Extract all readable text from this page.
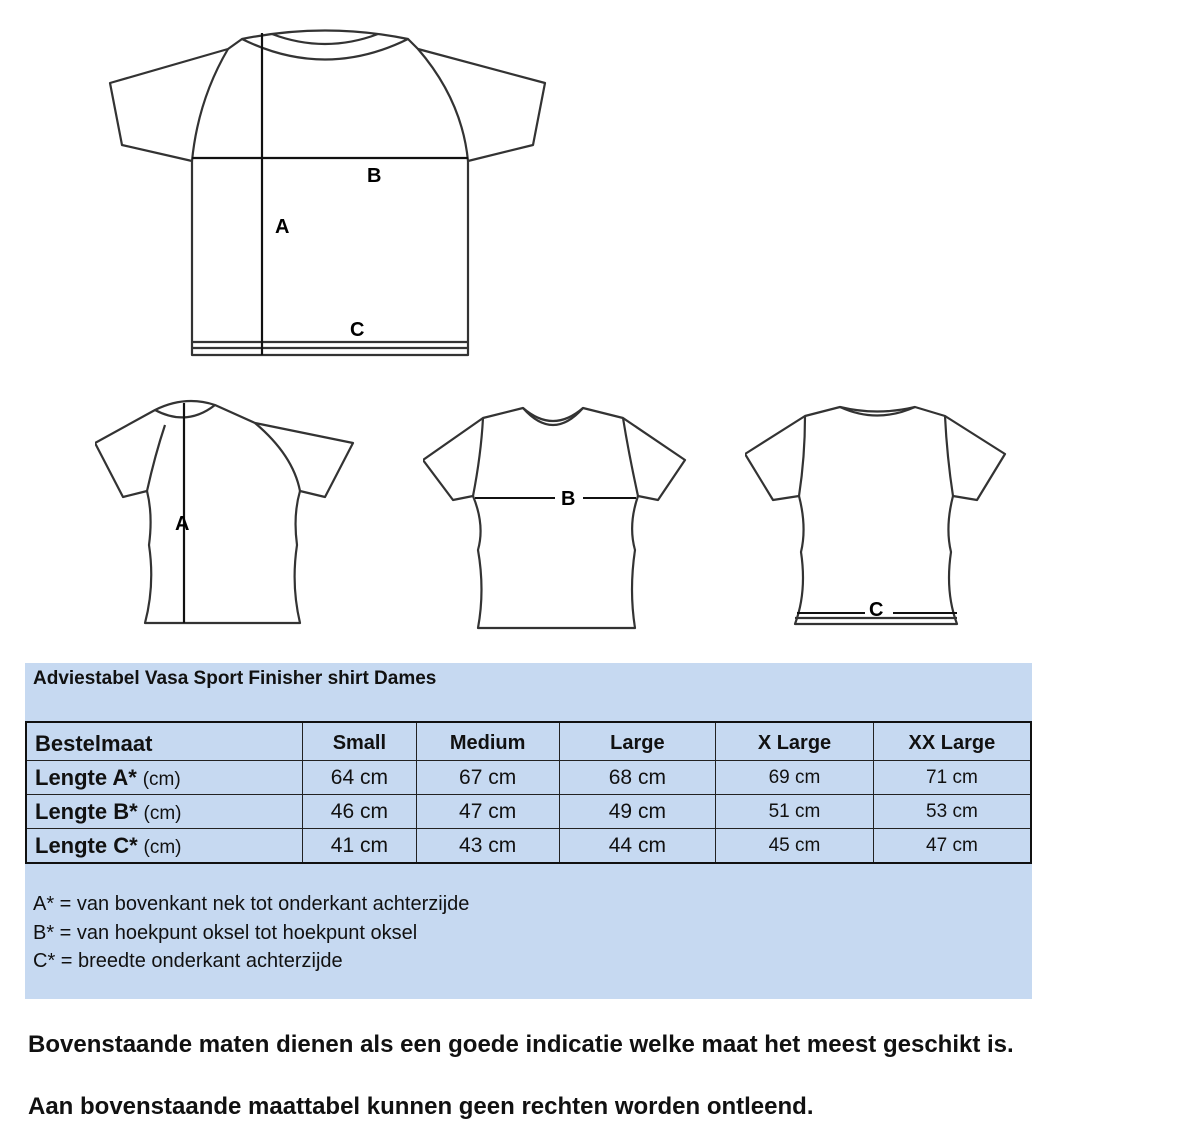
A
B
C
A
B
C
Adviestabel Vasa Sport Finisher shirt Dames
Bestelmaat	Small	Medium	Large	X Large	XX Large
Lengte A* (cm)	64 cm	67 cm	68 cm	69 cm	71 cm
Lengte B* (cm)	46 cm	47 cm	49 cm	51 cm	53 cm
Lengte C* (cm)	41 cm	43 cm	44 cm	45 cm	47 cm
A* = van bovenkant nek tot onderkant achterzijde
B* = van hoekpunt oksel tot hoekpunt oksel
C* = breedte onderkant achterzijde
Bovenstaande maten dienen als een goede indicatie welke maat het meest geschikt is.
Aan bovenstaande maattabel kunnen geen rechten worden ontleend.
